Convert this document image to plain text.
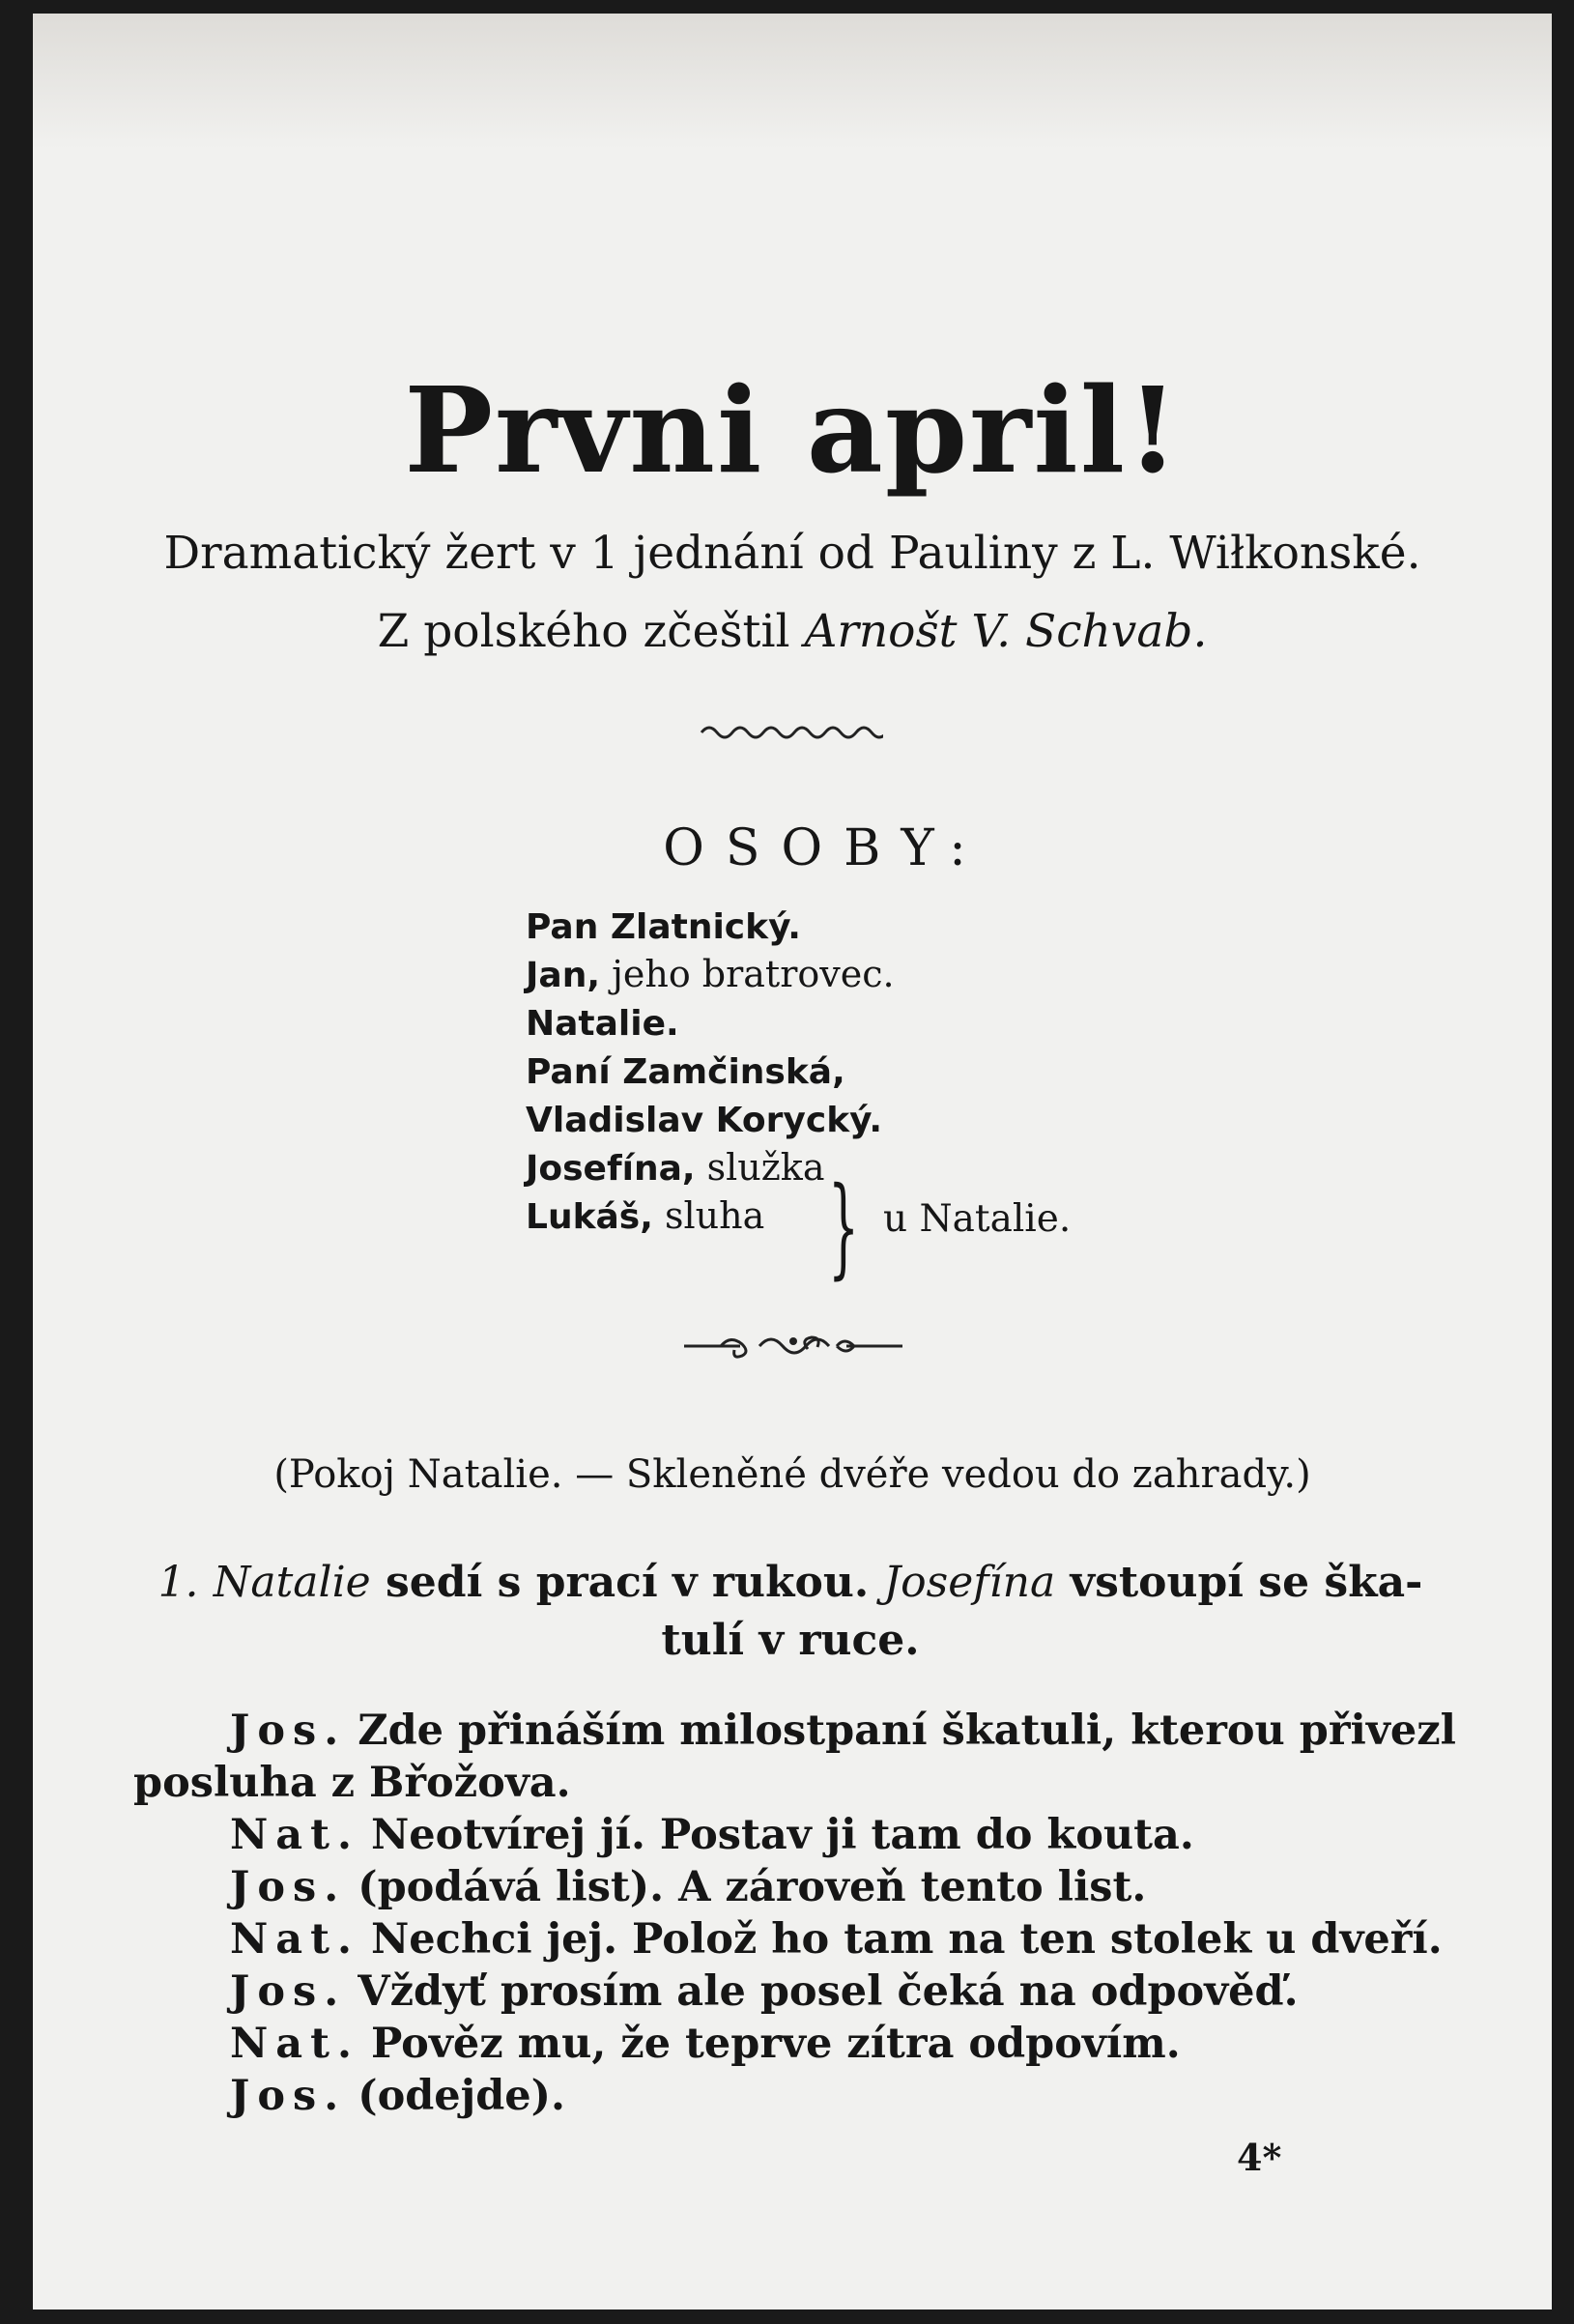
Prvni april!
Dramatický žert v 1 jednání od Pauliny z L. Wiłkonské.
Z polského zčeštil Arnošt V. Schvab.
OSOBY:
Pan Zlatnický.
Jan, jeho bratrovec.
Natalie.
Paní Zamčinská,
Vladislav Korycký.
Josefína, služka
Lukáš, sluha } u Natalie.
(Pokoj Natalie. — Skleněné dvéře vedou do zahrady.)
1. Natalie sedí s prací v rukou. Josefína vstoupí se ška-
tulí v ruce.
Jos. Zde přináším milostpaní škatuli, kterou přivezl
posluha z Břožova.
Nat. Neotvírej jí. Postav ji tam do kouta.
Jos. (podává list). A zároveň tento list.
Nat. Nechci jej. Polož ho tam na ten stolek u dveří.
Jos. Vždyť prosím ale posel čeká na odpověď.
Nat. Pověz mu, že teprve zítra odpovím.
Jos. (odejde).
4*
